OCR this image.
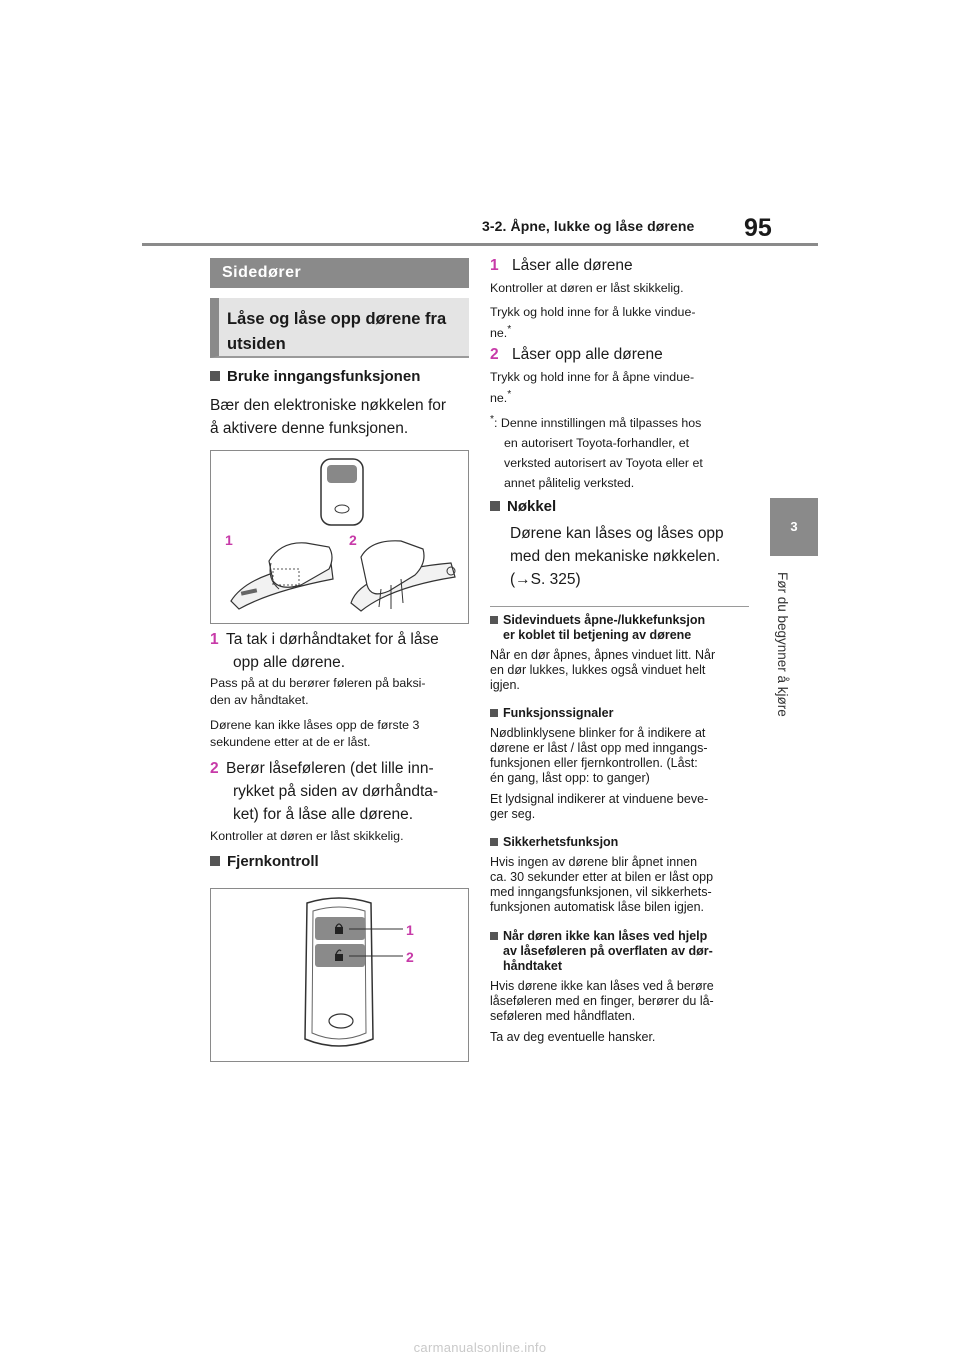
3-2. Åpne, lukke og låse dørene 95
3
Før du begynner å kjøre
Sidedører
Låse og låse opp dørene fra
utsiden
Bruke inngangsfunksjonen
Bær den elektroniske nøkkelen for
å aktivere denne funksjonen.
1	2
1 Ta tak i dørhåndtaket for å låse
opp alle dørene.
Pass på at du berører føleren på baksi-
den av håndtaket.
Dørene kan ikke låses opp de første 3
sekundene etter at de er låst.
2 Berør låseføleren (det lille inn-
rykket på siden av dørhåndta-
ket) for å låse alle dørene.
Kontroller at døren er låst skikkelig.
Fjernkontroll
1
2
1 Låser alle dørene
Kontroller at døren er låst skikkelig.
Trykk og hold inne for å lukke vindue-
ne.*
2 Låser opp alle dørene
Trykk og hold inne for å åpne vindue-
ne.*
*: Denne innstillingen må tilpasses hos
en autorisert Toyota-forhandler, et
verksted autorisert av Toyota eller et
annet pålitelig verksted.
Nøkkel
Dørene kan låses og låses opp
med den mekaniske nøkkelen.
(→S. 325)
Sidevinduets åpne-/lukkefunksjon
er koblet til betjening av dørene
Når en dør åpnes, åpnes vinduet litt. Når
en dør lukkes, lukkes også vinduet helt
igjen.
Funksjonssignaler
Nødblinklysene blinker for å indikere at
dørene er låst / låst opp med inngangs-
funksjonen eller fjernkontrollen. (Låst:
én gang, låst opp: to ganger)
Et lydsignal indikerer at vinduene beve-
ger seg.
Sikkerhetsfunksjon
Hvis ingen av dørene blir åpnet innen
ca. 30 sekunder etter at bilen er låst opp
med inngangsfunksjonen, vil sikkerhets-
funksjonen automatisk låse bilen igjen.
Når døren ikke kan låses ved hjelp
av låseføleren på overflaten av dør-
håndtaket
Hvis dørene ikke kan låses ved å berøre
låseføleren med en finger, berører du lå-
seføleren med håndflaten.
Ta av deg eventuelle hansker.
carmanualsonline.info
